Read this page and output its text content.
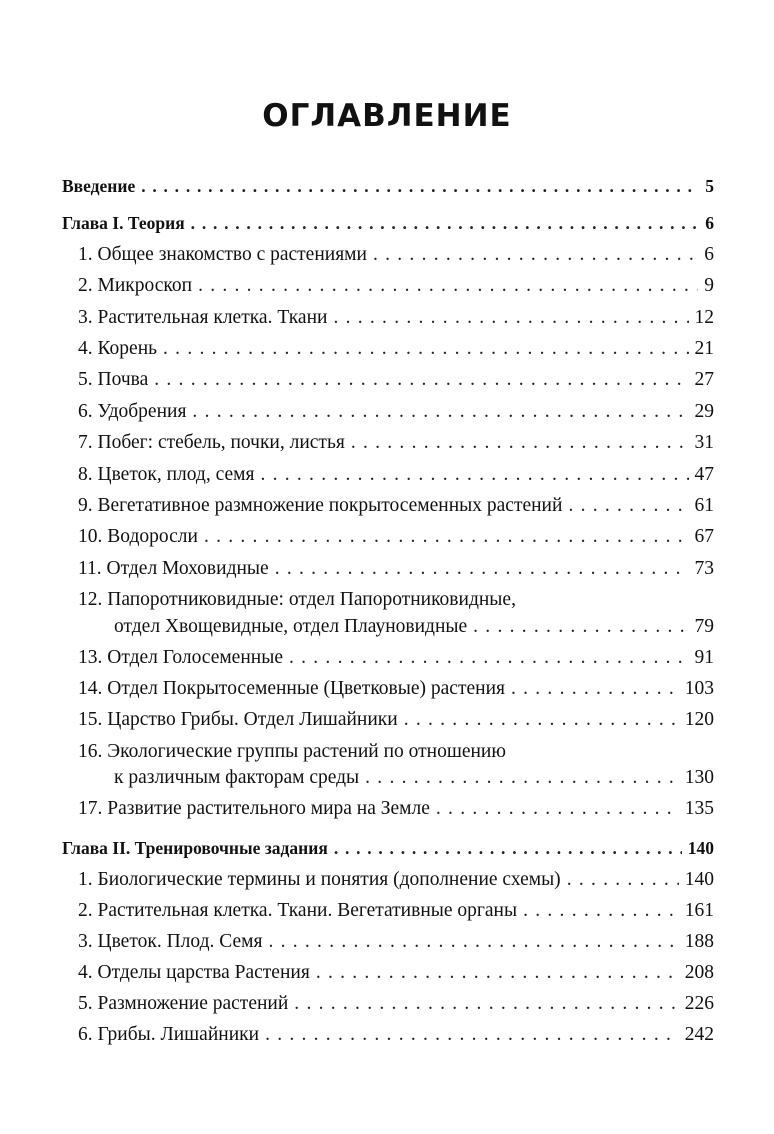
ОГЛАВЛЕНИЕ
Введение . . .	5
Глава I. Теория . . .	6
1. Общее знакомство с растениями . . .	6
2. Микроскоп . . .	9
3. Растительная клетка. Ткани . . .	12
4. Корень . . .	21
5. Почва . . .	27
6. Удобрения . . .	29
7. Побег: стебель, почки, листья . . .	31
8. Цветок, плод, семя . . .	47
9. Вегетативное размножение покрытосеменных растений . . .	61
10. Водоросли . . .	67
11. Отдел Моховидные . . .	73
12. Папоротниковидные: отдел Папоротниковидные,
отдел Хвощевидные, отдел Плауновидные . . .	79
13. Отдел Голосеменные . . .	91
14. Отдел Покрытосеменные (Цветковые) растения . . .	103
15. Царство Грибы. Отдел Лишайники . . .	120
16. Экологические группы растений по отношению
к различным факторам среды . . .	130
17. Развитие растительного мира на Земле . . .	135
Глава II. Тренировочные задания . . .	140
1. Биологические термины и понятия (дополнение схемы) . . .	140
2. Растительная клетка. Ткани. Вегетативные органы . . .	161
3. Цветок. Плод. Семя . . .	188
4. Отделы царства Растения . . .	208
5. Размножение растений . . .	226
6. Грибы. Лишайники . . .	242
